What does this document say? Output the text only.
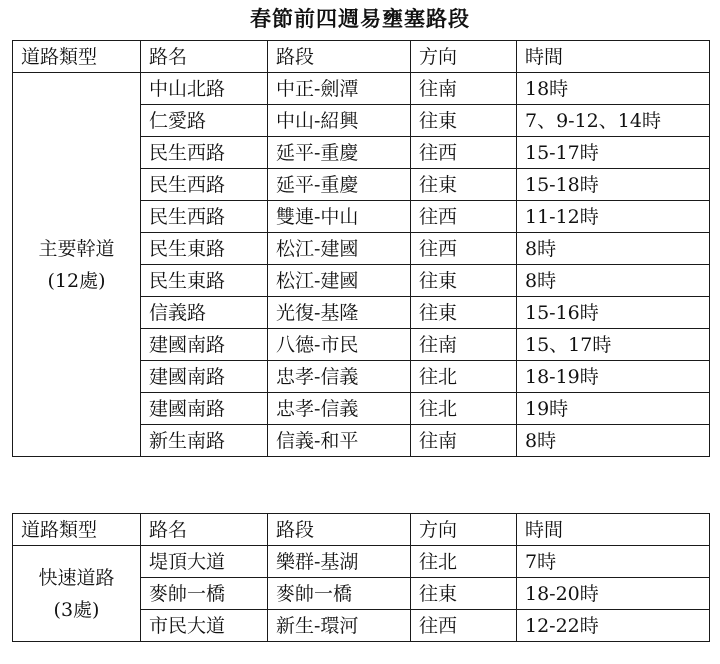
春節前四週易壅塞路段
道路類型	路名	路段	方向	時間

主要幹道
(12處)	中山北路	中正-劍潭	往南	18時
	仁愛路	中山-紹興	往東	7、9-12、14時
	民生西路	延平-重慶	往西	15-17時
	民生西路	延平-重慶	往東	15-18時
	民生西路	雙連-中山	往西	11-12時
	民生東路	松江-建國	往西	8時
	民生東路	松江-建國	往東	8時
	信義路	光復-基隆	往東	15-16時
	建國南路	八德-市民	往南	15、17時
	建國南路	忠孝-信義	往北	18-19時
	建國南路	忠孝-信義	往北	19時
	新生南路	信義-和平	往南	8時
道路類型	路名	路段	方向	時間

快速道路
(3處)	堤頂大道	樂群-基湖	往北	7時
	麥帥一橋	麥帥一橋	往東	18-20時
	市民大道	新生-環河	往西	12-22時
